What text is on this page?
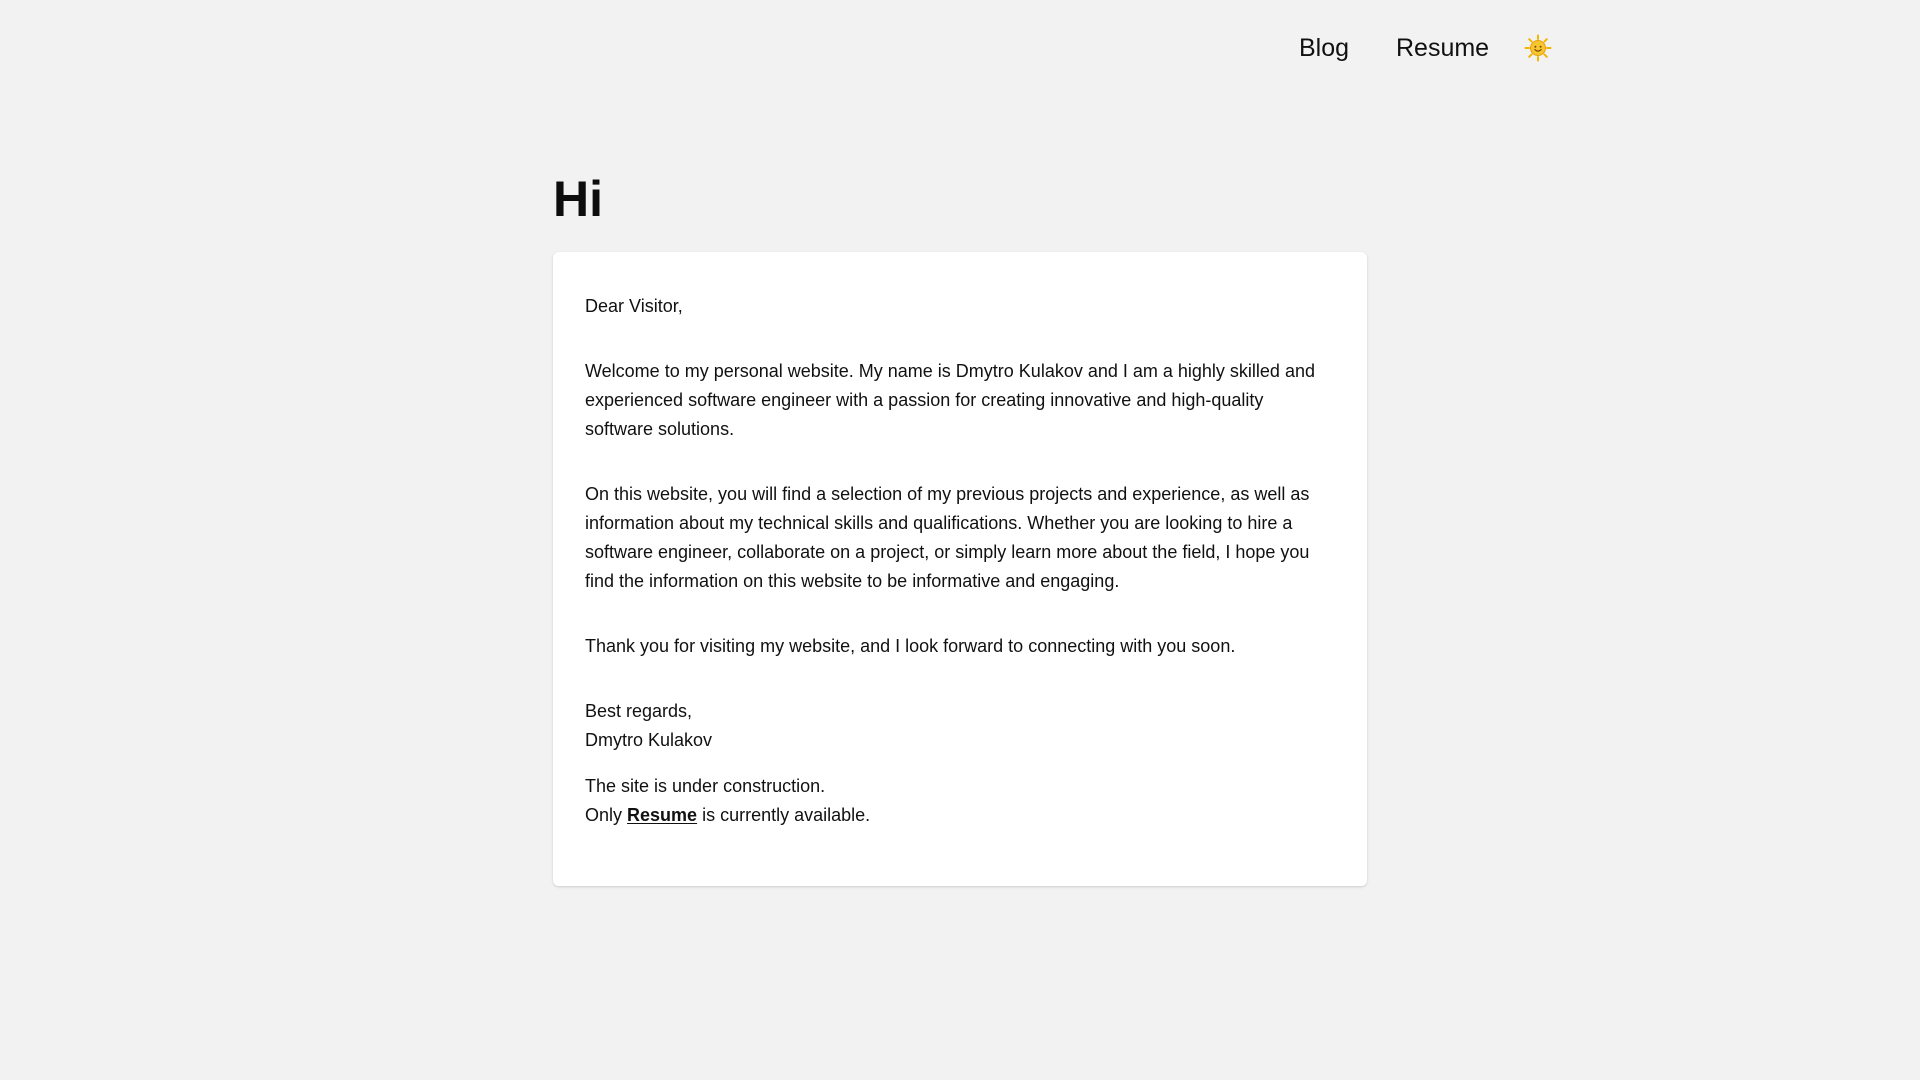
Blog Resume
Hi

Dear Visitor,

Welcome to my personal website. My name is Dmytro Kulakov and I am a highly skilled and experienced software engineer with a passion for creating innovative and high-quality software solutions.

On this website, you will find a selection of my previous projects and experience, as well as information about my technical skills and qualifications. Whether you are looking to hire a software engineer, collaborate on a project, or simply learn more about the field, I hope you find the information on this website to be informative and engaging.

Thank you for visiting my website, and I look forward to connecting with you soon.

Best regards,

Dmytro Kulakov

The site is under construction.

Only Resume is currently available.
